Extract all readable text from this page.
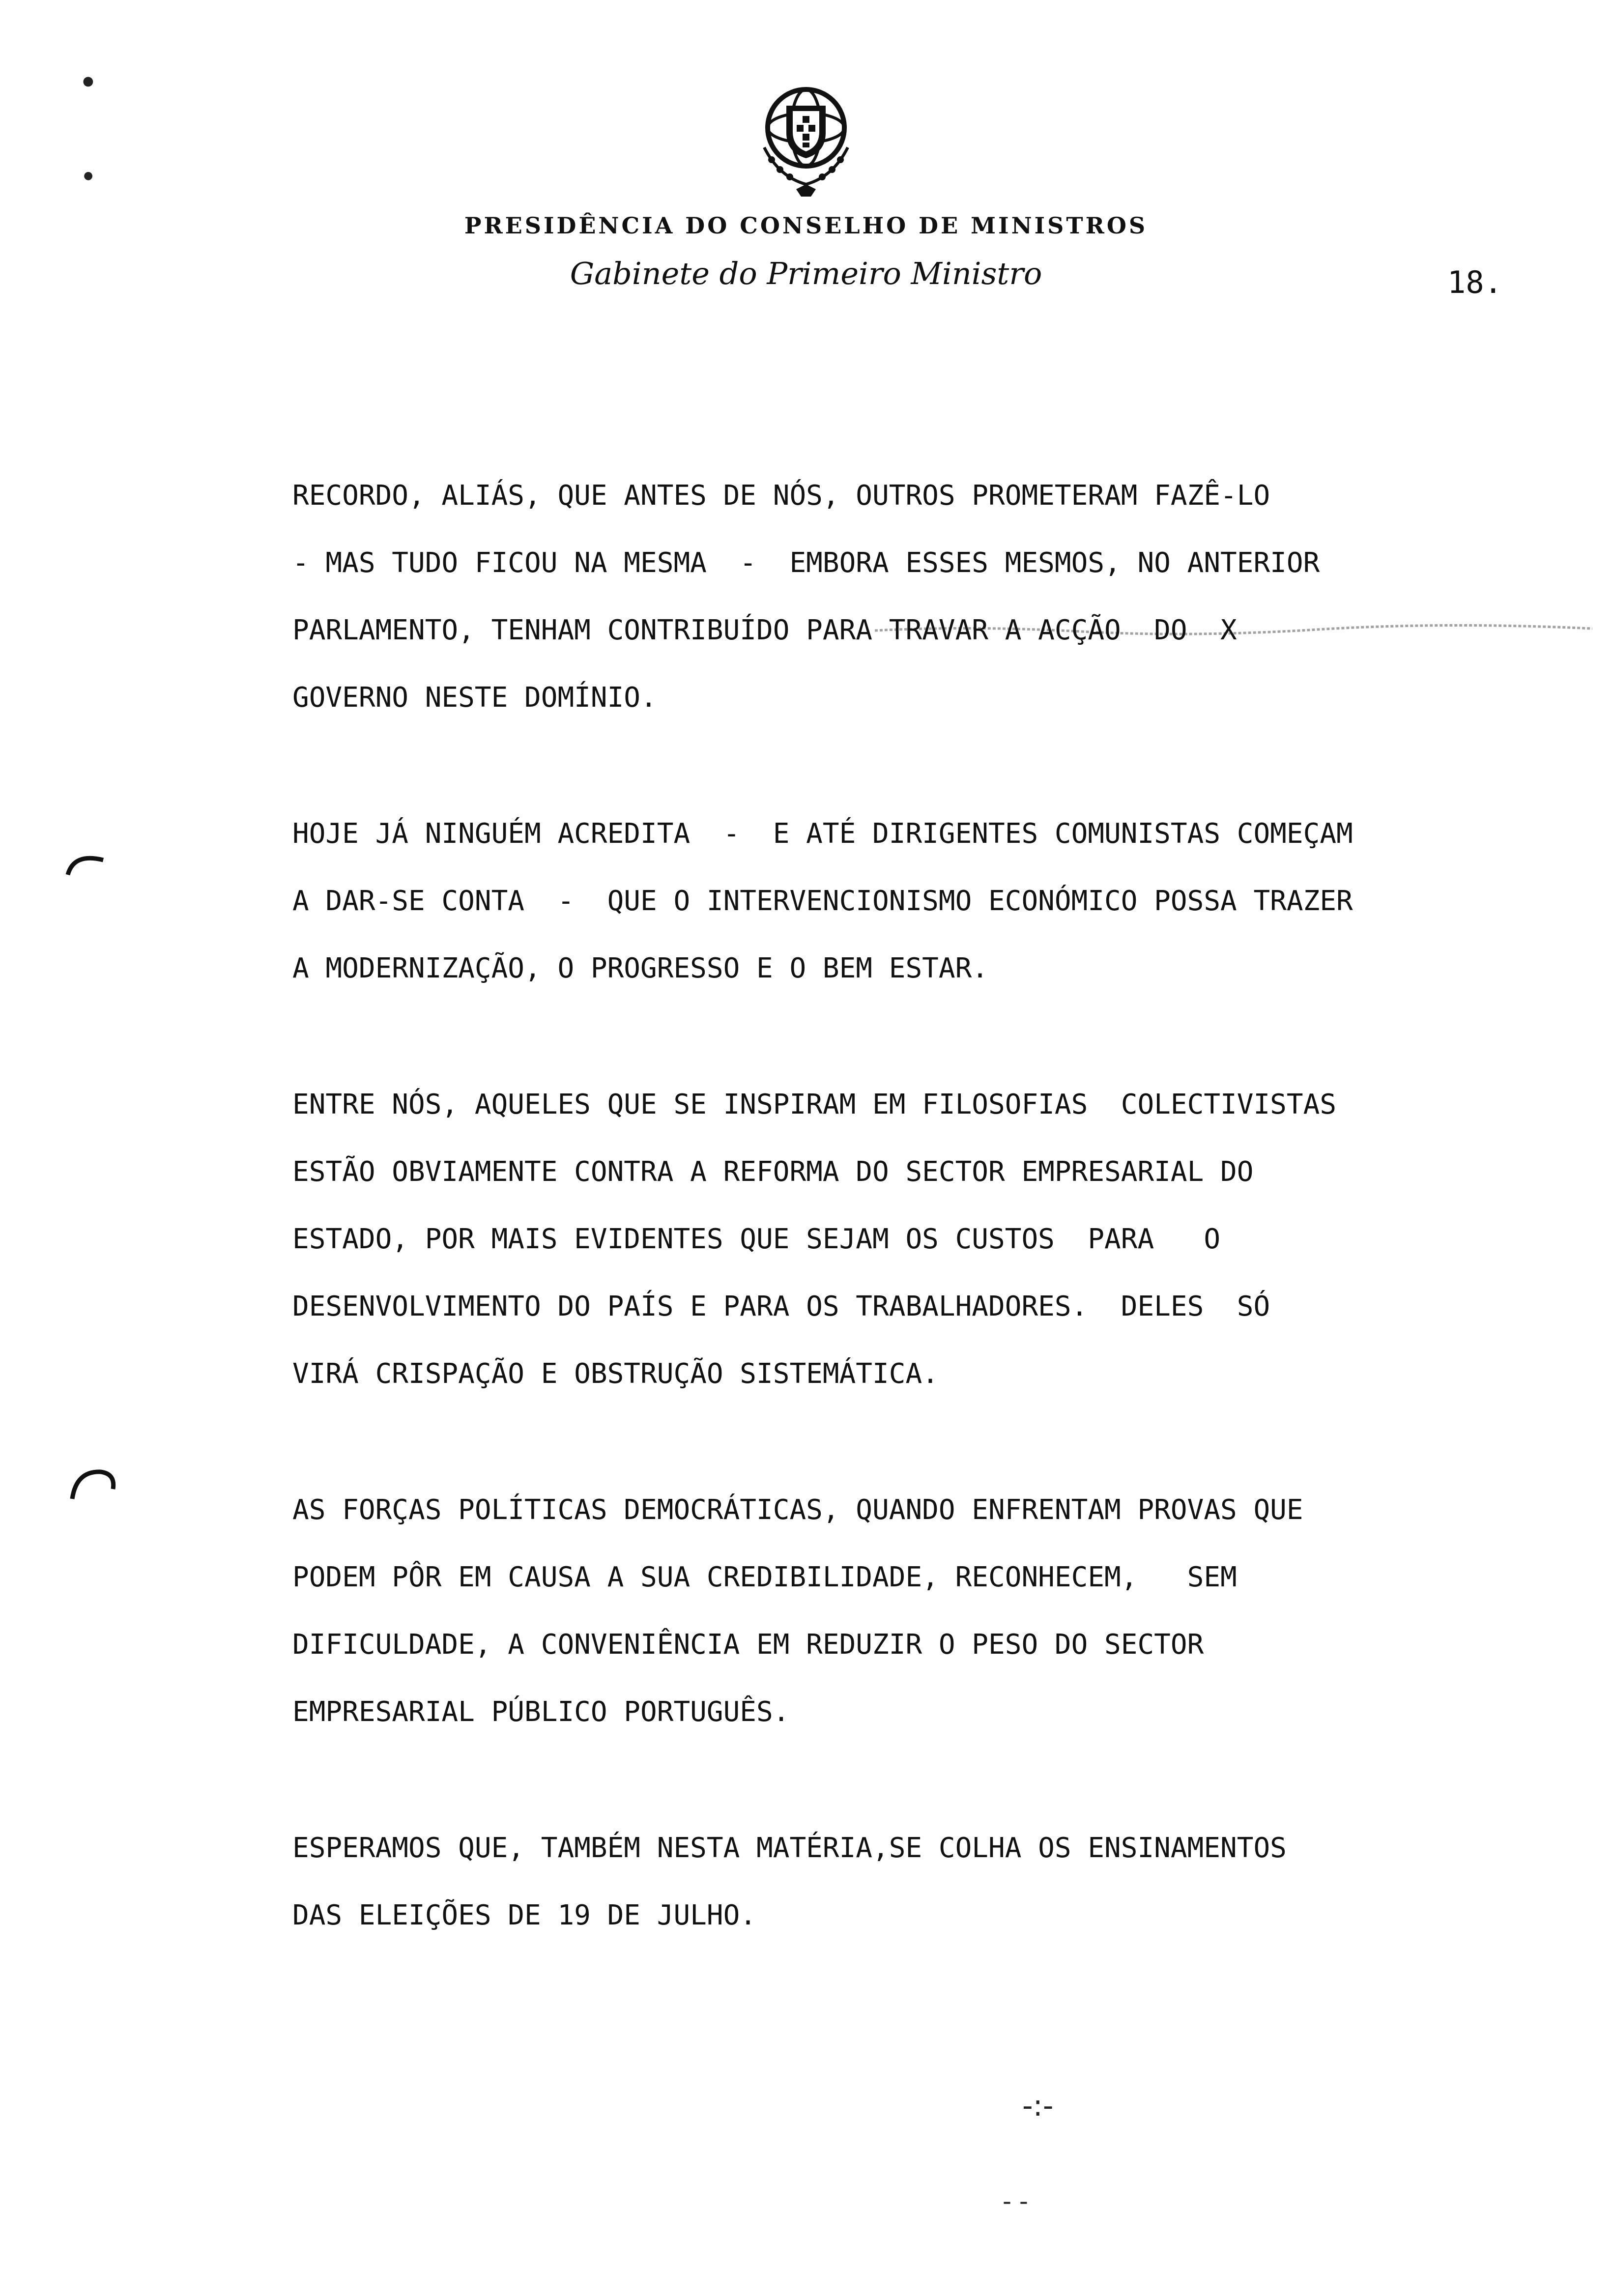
PRESIDÊNCIA DO CONSELHO DE MINISTROS
Gabinete do Primeiro Ministro	18.
●
●
-:-
- -
RECORDO, ALIÁS, QUE ANTES DE NÓS, OUTROS PROMETERAM FAZÊ-LO
- MAS TUDO FICOU NA MESMA  -  EMBORA ESSES MESMOS, NO ANTERIOR
PARLAMENTO, TENHAM CONTRIBUÍDO PARA TRAVAR A ACÇÃO  DO  X
GOVERNO NESTE DOMÍNIO.
HOJE JÁ NINGUÉM ACREDITA  -  E ATÉ DIRIGENTES COMUNISTAS COMEÇAM
A DAR-SE CONTA  -  QUE O INTERVENCIONISMO ECONÓMICO POSSA TRAZER
A MODERNIZAÇÃO, O PROGRESSO E O BEM ESTAR.
ENTRE NÓS, AQUELES QUE SE INSPIRAM EM FILOSOFIAS  COLECTIVISTAS
ESTÃO OBVIAMENTE CONTRA A REFORMA DO SECTOR EMPRESARIAL DO
ESTADO, POR MAIS EVIDENTES QUE SEJAM OS CUSTOS  PARA   O
DESENVOLVIMENTO DO PAÍS E PARA OS TRABALHADORES.  DELES  SÓ
VIRÁ CRISPAÇÃO E OBSTRUÇÃO SISTEMÁTICA.
AS FORÇAS POLÍTICAS DEMOCRÁTICAS, QUANDO ENFRENTAM PROVAS QUE
PODEM PÔR EM CAUSA A SUA CREDIBILIDADE, RECONHECEM,   SEM
DIFICULDADE, A CONVENIÊNCIA EM REDUZIR O PESO DO SECTOR
EMPRESARIAL PÚBLICO PORTUGUÊS.
ESPERAMOS QUE, TAMBÉM NESTA MATÉRIA,SE COLHA OS ENSINAMENTOS
DAS ELEIÇÕES DE 19 DE JULHO.
